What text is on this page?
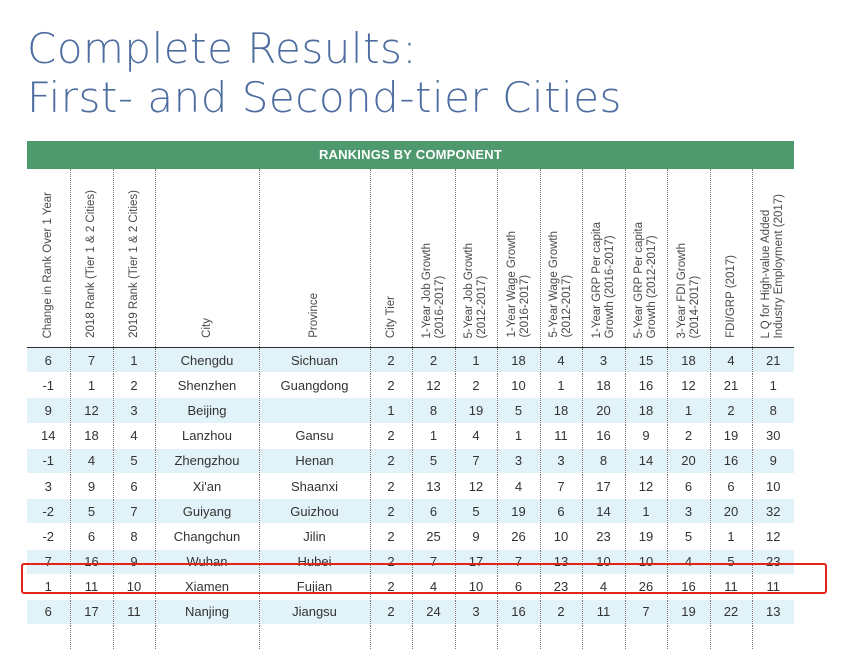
Complete Results:
First- and Second-tier Cities
RANKINGS BY COMPONENT
Change in Rank Over 1 Year	2018 Rank (Tier 1 & 2 Cities)	2019 Rank (Tier 1 & 2 Cities)	City	Province	City Tier	1-Year Job Growth
(2016-2017)	5-Year Job Growth
(2012-2017)	1-Year Wage Growth
(2016-2017)	5-Year Wage Growth
(2012-2017)	1-Year GRP Per capita
Growth (2016-2017)	5-Year GRP Per capita
Growth (2012-2017)	3-Year FDI Growth
(2014-2017)	FDI/GRP (2017)	L Q for High-value Added
Industry Employment (2017)
6	7	1	Chengdu	Sichuan	2	2	1	18	4	3	15	18	4	21
-1	1	2	Shenzhen	Guangdong	2	12	2	10	1	18	16	12	21	1
9	12	3	Beijing		1	8	19	5	18	20	18	1	2	8
14	18	4	Lanzhou	Gansu	2	1	4	1	11	16	9	2	19	30
-1	4	5	Zhengzhou	Henan	2	5	7	3	3	8	14	20	16	9
3	9	6	Xi'an	Shaanxi	2	13	12	4	7	17	12	6	6	10
-2	5	7	Guiyang	Guizhou	2	6	5	19	6	14	1	3	20	32
-2	6	8	Changchun	Jilin	2	25	9	26	10	23	19	5	1	12
7	16	9	Wuhan	Hubei	2	7	17	7	13	10	10	4	5	23
1	11	10	Xiamen	Fujian	2	4	10	6	23	4	26	16	11	11
6	17	11	Nanjing	Jiangsu	2	24	3	16	2	11	7	19	22	13
